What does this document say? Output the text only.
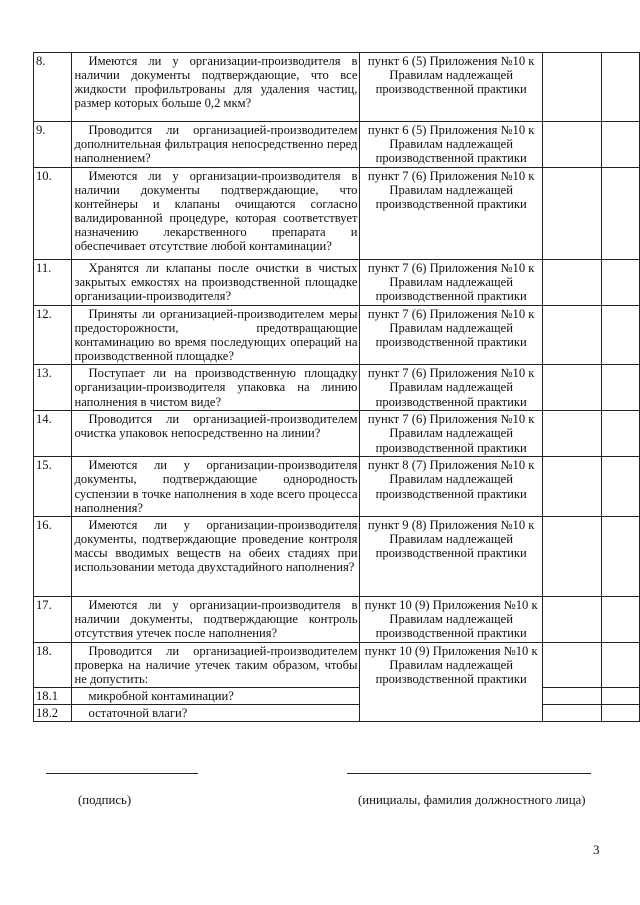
8.	Имеются ли у организации-производителя в наличии документы подтверждающие, что все жидкости профильтрованы для удаления частиц, размер которых больше 0,2 мкм?	пункт 6 (5) Приложения №10 к Правилам надлежащей производственной практики		
9.	Проводится ли организацией-производителем дополнительная фильтрация непосредственно перед наполнением?	пункт 6 (5) Приложения №10 к Правилам надлежащей производственной практики		
10.	Имеются ли у организации-производителя в наличии документы подтверждающие, что контейнеры и клапаны очищаются согласно валидированной процедуре, которая соответствует назначению лекарственного препарата и обеспечивает отсутствие любой контаминации?	пункт 7 (6) Приложения №10 к Правилам надлежащей производственной практики		
11.	Хранятся ли клапаны после очистки в чистых закрытых емкостях на производственной площадке организации-производителя?	пункт 7 (6) Приложения №10 к Правилам надлежащей производственной практики		
12.	Приняты ли организацией-производителем меры предосторожности, предотвращающие контаминацию во время последующих операций на производственной площадке?	пункт 7 (6) Приложения №10 к Правилам надлежащей производственной практики		
13.	Поступает ли на производственную площадку организации-производителя упаковка на линию наполнения в чистом виде?	пункт 7 (6) Приложения №10 к Правилам надлежащей производственной практики		
14.	Проводится ли организацией-производителем очистка упаковок непосредственно на линии?	пункт 7 (6) Приложения №10 к Правилам надлежащей производственной практики		
15.	Имеются ли у организации-производителя документы, подтверждающие однородность суспензии в точке наполнения в ходе всего процесса наполнения?	пункт 8 (7) Приложения №10 к Правилам надлежащей производственной практики		
16.	Имеются ли у организации-производителя документы, подтверждающие проведение контроля массы вводимых веществ на обеих стадиях при использовании метода двухстадийного наполнения?	пункт 9 (8) Приложения №10 к Правилам надлежащей производственной практики		
17.	Имеются ли у организации-производителя в наличии документы, подтверждающие контроль отсутствия утечек после наполнения?	пункт 10 (9) Приложения №10 к Правилам надлежащей производственной практики		
18.	Проводится ли организацией-производителем проверка на наличие утечек таким образом, чтобы не допустить:	пункт 10 (9) Приложения №10 к Правилам надлежащей производственной практики		
18.1	микробной контаминации?			
18.2	остаточной влаги?			
(подпись)	(инициалы, фамилия должностного лица)
3
